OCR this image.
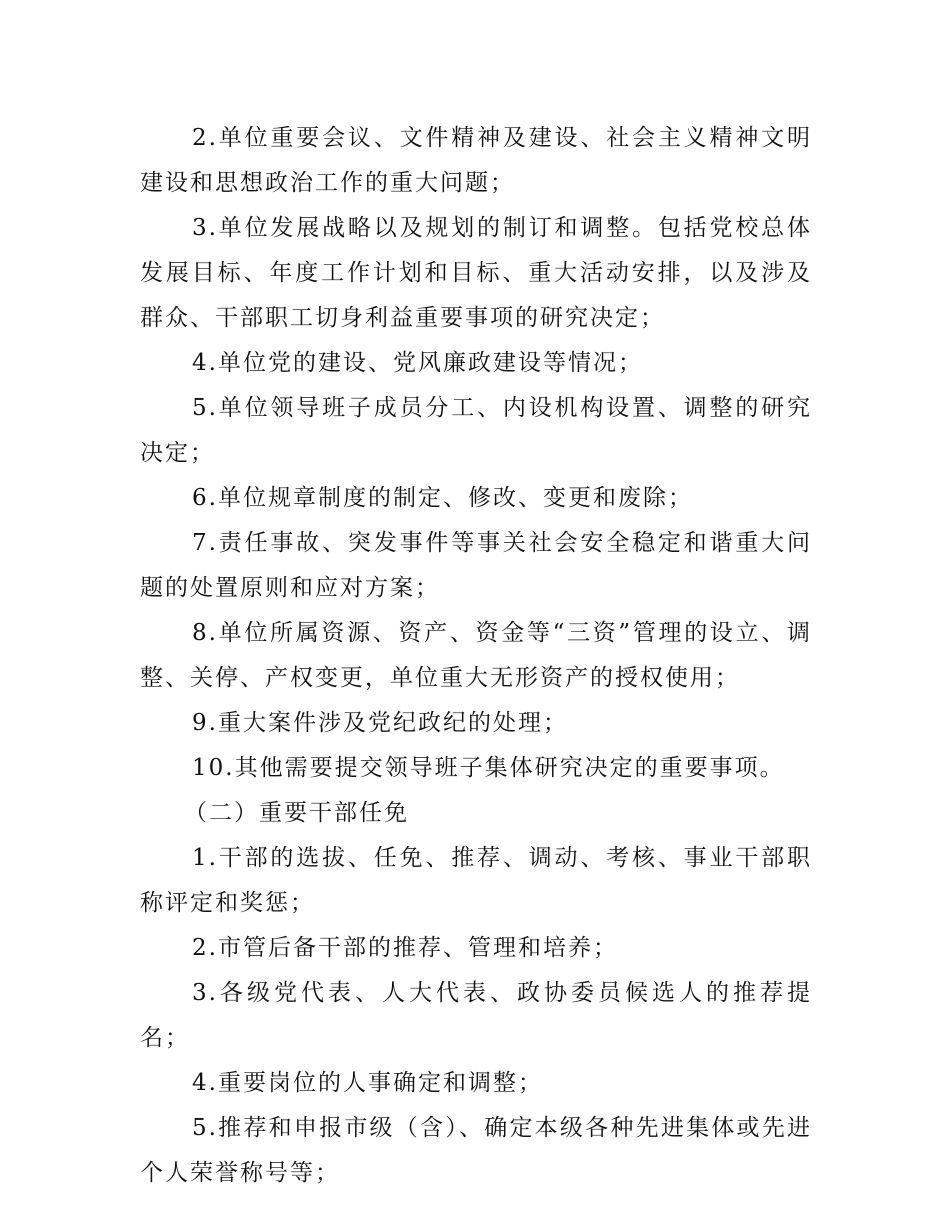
2.单位重要会议、文件精神及建设、社会主义精神文明建设和思想政治工作的重大问题；

3.单位发展战略以及规划的制订和调整。包括党校总体发展目标、年度工作计划和目标、重大活动安排，以及涉及群众、干部职工切身利益重要事项的研究决定；

4.单位党的建设、党风廉政建设等情况；

5.单位领导班子成员分工、内设机构设置、调整的研究决定；

6.单位规章制度的制定、修改、变更和废除；

7.责任事故、突发事件等事关社会安全稳定和谐重大问题的处置原则和应对方案；

8.单位所属资源、资产、资金等“三资”管理的设立、调整、关停、产权变更，单位重大无形资产的授权使用；

9.重大案件涉及党纪政纪的处理；

10.其他需要提交领导班子集体研究决定的重要事项。

（二）重要干部任免

1.干部的选拔、任免、推荐、调动、考核、事业干部职称评定和奖惩；

2.市管后备干部的推荐、管理和培养；

3.各级党代表、人大代表、政协委员候选人的推荐提名；

4.重要岗位的人事确定和调整；

5.推荐和申报市级（含）、确定本级各种先进集体或先进个人荣誉称号等；
